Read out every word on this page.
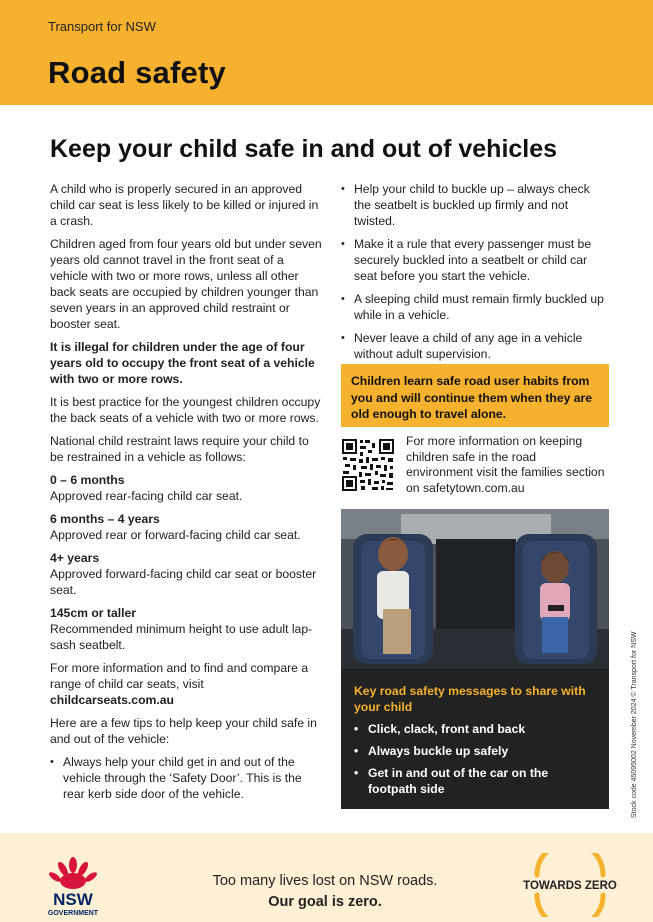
Transport for NSW
Road safety
Keep your child safe in and out of vehicles

A child who is properly secured in an approved child car seat is less likely to be killed or injured in a crash.

Children aged from four years old but under seven years old cannot travel in the front seat of a vehicle with two or more rows, unless all other back seats are occupied by children younger than seven years in an approved child restraint or booster seat.

It is illegal for children under the age of four years old to occupy the front seat of a vehicle with two or more rows.

It is best practice for the youngest children occupy the back seats of a vehicle with two or more rows.

National child restraint laws require your child to be restrained in a vehicle as follows:

0 – 6 months
Approved rear-facing child car seat.

6 months – 4 years
Approved rear or forward-facing child car seat.

4+ years
Approved forward-facing child car seat or booster seat.

145cm or taller
Recommended minimum height to use adult lap-sash seatbelt.

For more information and to find and compare a range of child car seats, visit
childcarseats.com.au

Here are a few tips to help keep your child safe in and out of the vehicle:

• Always help your child get in and out of the vehicle through the ‘Safety Door’. This is the rear kerb side door of the vehicle.
• Help your child to buckle up – always check the seatbelt is buckled up firmly and not twisted.
• Make it a rule that every passenger must be securely buckled into a seatbelt or child car seat before you start the vehicle.
• A sleeping child must remain firmly buckled up while in a vehicle.
• Never leave a child of any age in a vehicle without adult supervision.
Children learn safe road user habits from you and will continue them when they are old enough to travel alone.
For more information on keeping children safe in the road environment visit the families section on safetytown.com.au
Key road safety messages to share with your child
• Click, clack, front and back
• Always buckle up safely
• Get in and out of the car on the footpath side	Stock code 45095002 November 2024 © Transport for NSW
NSW
GOVERNMENT
Too many lives lost on NSW roads.
Our goal is zero.
TOWARDS ZERO
